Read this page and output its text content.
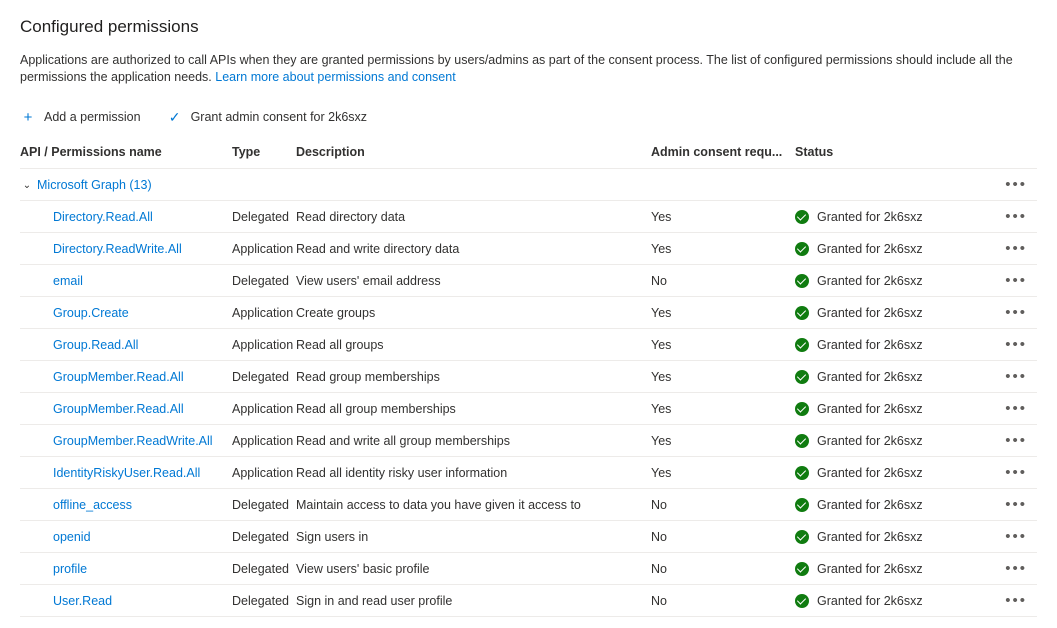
Configured permissions
Applications are authorized to call APIs when they are granted permissions by users/admins as part of the consent process. The list of configured permissions should include all the permissions the application needs. Learn more about permissions and consent
+ Add a permission ✓ Grant admin consent for 2k6sxz
API / Permissions name	Type	Description	Admin consent requ...	Status	

⌄ Microsoft Graph (13)					•••
Directory.Read.All	Delegated	Read directory data	Yes	Granted for 2k6sxz	•••
Directory.ReadWrite.All	Application	Read and write directory data	Yes	Granted for 2k6sxz	•••
email	Delegated	View users' email address	No	Granted for 2k6sxz	•••
Group.Create	Application	Create groups	Yes	Granted for 2k6sxz	•••
Group.Read.All	Application	Read all groups	Yes	Granted for 2k6sxz	•••
GroupMember.Read.All	Delegated	Read group memberships	Yes	Granted for 2k6sxz	•••
GroupMember.Read.All	Application	Read all group memberships	Yes	Granted for 2k6sxz	•••
GroupMember.ReadWrite.All	Application	Read and write all group memberships	Yes	Granted for 2k6sxz	•••
IdentityRiskyUser.Read.All	Application	Read all identity risky user information	Yes	Granted for 2k6sxz	•••
offline_access	Delegated	Maintain access to data you have given it access to	No	Granted for 2k6sxz	•••
openid	Delegated	Sign users in	No	Granted for 2k6sxz	•••
profile	Delegated	View users' basic profile	No	Granted for 2k6sxz	•••
User.Read	Delegated	Sign in and read user profile	No	Granted for 2k6sxz	•••
